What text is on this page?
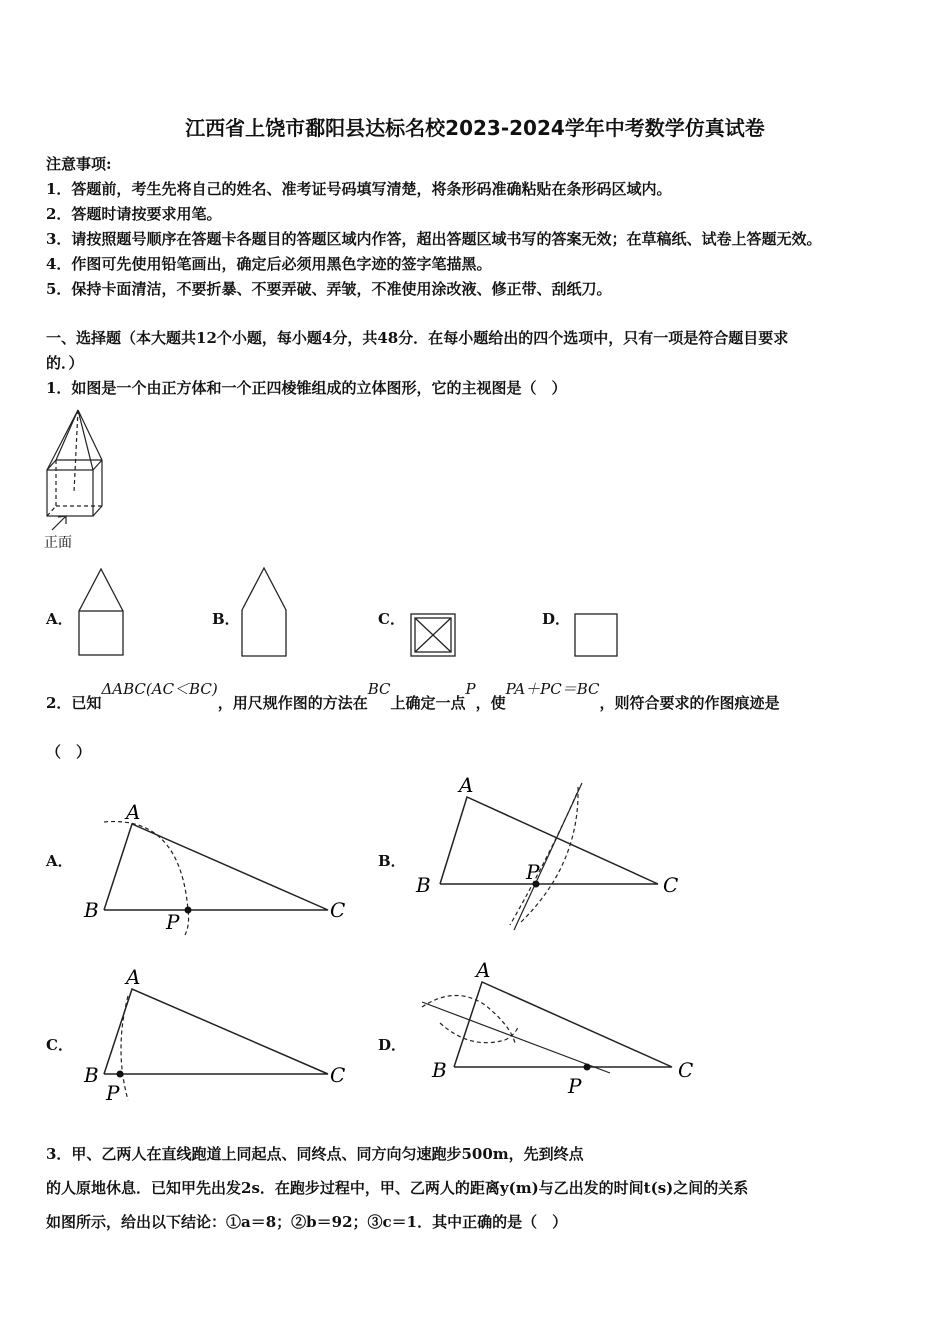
江西省上饶市鄱阳县达标名校2023-2024学年中考数学仿真试卷
注意事项:
1．答题前，考生先将自己的姓名、准考证号码填写清楚，将条形码准确粘贴在条形码区域内。
2．答题时请按要求用笔。
3．请按照题号顺序在答题卡各题目的答题区域内作答，超出答题区域书写的答案无效；在草稿纸、试卷上答题无效。
4．作图可先使用铅笔画出，确定后必须用黑色字迹的签字笔描黑。
5．保持卡面清洁，不要折暴、不要弄破、弄皱，不准使用涂改液、修正带、刮纸刀。
一、选择题（本大题共12个小题，每小题4分，共48分．在每小题给出的四个选项中，只有一项是符合题目要求
的．）
1．如图是一个由正方体和一个正四棱锥组成的立体图形，它的主视图是（　）
正面
A．	B．	C．	D．
2．已知ΔABC(AC＜BC)，用尺规作图的方法在BC上确定一点P，使PA＋PC＝BC，则符合要求的作图痕迹是
（　）
A．
A
B	C
P
B．
A
B	C
P
C．
A
B	C
P
D．
A
B	C
P
3．甲、乙两人在直线跑道上同起点、同终点、同方向匀速跑步500m，先到终点
的人原地休息．已知甲先出发2s．在跑步过程中，甲、乙两人的距离y(m)与乙出发的时间t(s)之间的关系
如图所示，给出以下结论：①a＝8；②b＝92；③c＝1．其中正确的是（　）
